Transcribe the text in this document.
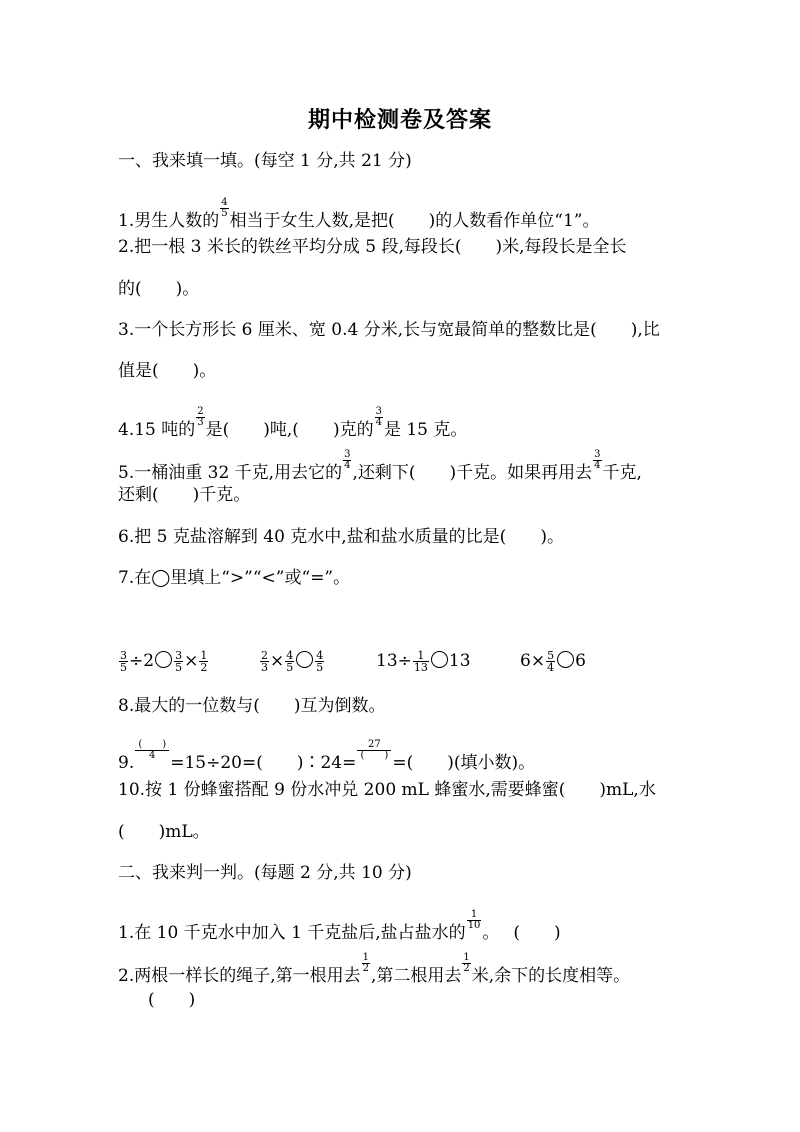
期中检测卷及答案
一、我来填一填。(每空 1 分,共 21 分)
1.男生人数的
$\frac{4}{5}$
相当于女生人数,是把(　　)的人数看作单位“1”。
2.把一根 3 米长的铁丝平均分成 5 段,每段长(　　)米,每段长是全长
的(　　)。
3.一个长方形长 6 厘米、宽 0.4 分米,长与宽最简单的整数比是(　　),比
值是(　　)。
4.15 吨的
$\frac{2}{3}$
是(　　)吨,(　　)克的
$\frac{3}{4}$
是 15 克。
5.一桶油重 32 千克,用去它的
$\frac{3}{4}$
,还剩下(　　)千克。如果再用去
$\frac{3}{4}$
千克,
还剩(　　)千克。
6.把 5 克盐溶解到 40 克水中,盐和盐水质量的比是(　　)。
7.在◯里填上“>”“<”或“=”。
$\frac{3}{5} \div 2 \frac{3}{5} \times \frac{1}{2}$	$\frac{2}{3} \times \frac{4}{5} \frac{4}{5}$	$13\div \frac{1}{13} 13$	$6\times \frac{5}{4} 6$
8.最大的一位数与(　　)互为倒数。
9.
$\frac{( )}{4}$
=15÷20=(　　)∶24=
$\frac{27}{( )}$
=(　　)(填小数)。
10.按 1 份蜂蜜搭配 9 份水冲兑 200 mL 蜂蜜水,需要蜂蜜(　　)mL,水
(　　)mL。
二、我来判一判。(每题 2 分,共 10 分)
1.在 10 千克水中加入 1 千克盐后,盐占盐水的
$\frac{1}{10}$
。　 (　　)
2.两根一样长的绳子,第一根用去
$\frac{1}{2}$
,第二根用去
$\frac{1}{2}$
米,余下的长度相等。
(　　)
